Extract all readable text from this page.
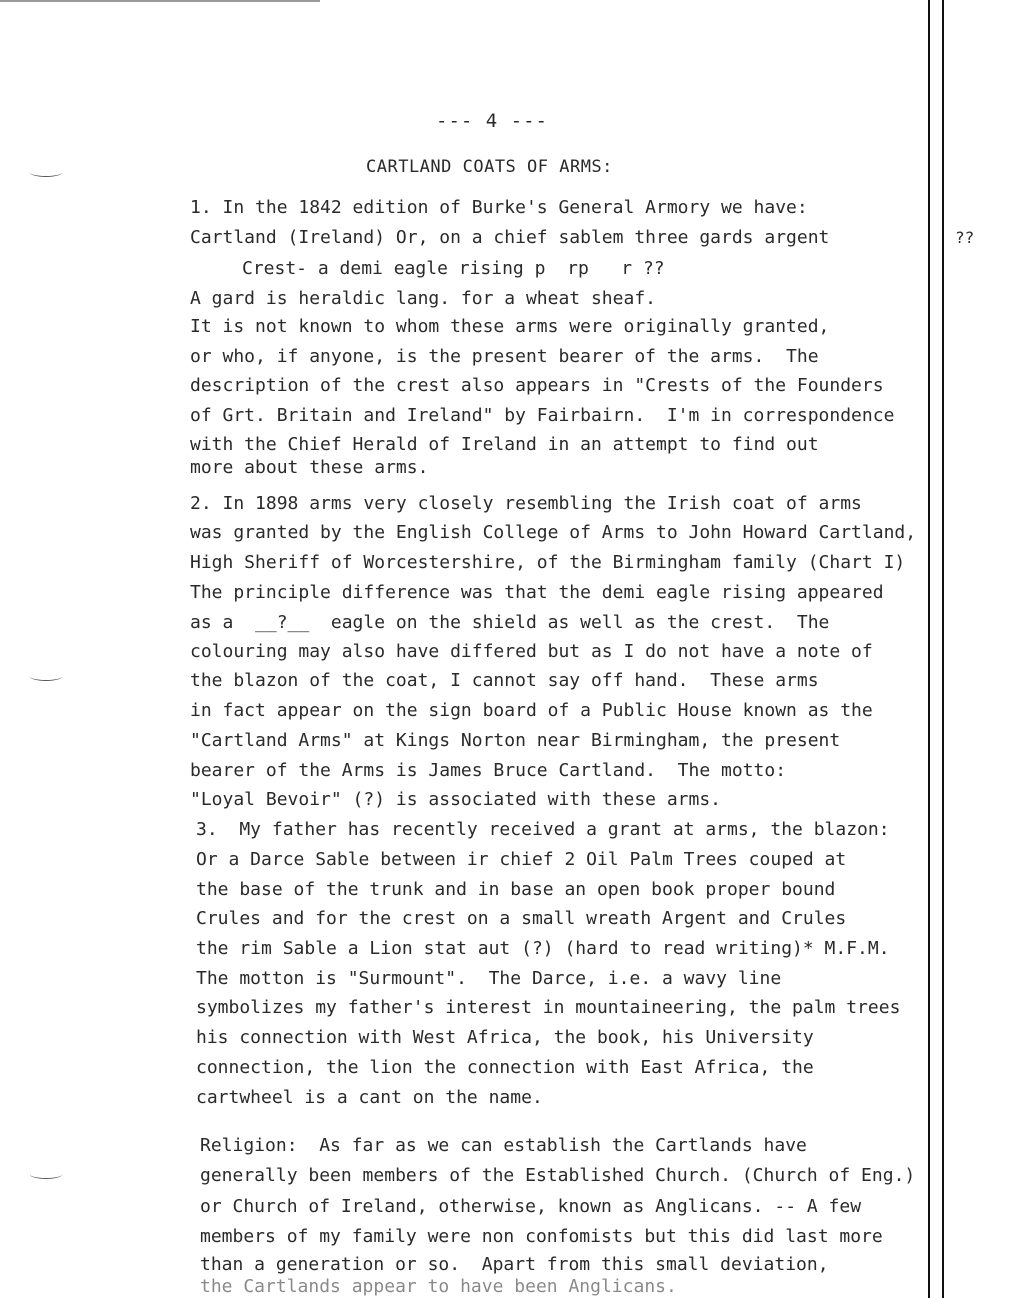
--- 4 ---
CARTLAND COATS OF ARMS:
1. In the 1842 edition of Burke's General Armory we have:
Cartland (Ireland) Or, on a chief sablem three gards argent	??
Crest- a demi eagle rising p  rp   r ??
A gard is heraldic lang. for a wheat sheaf.
It is not known to whom these arms were originally granted,
or who, if anyone, is the present bearer of the arms.  The
description of the crest also appears in "Crests of the Founders
of Grt. Britain and Ireland" by Fairbairn.  I'm in correspondence
with the Chief Herald of Ireland in an attempt to find out
more about these arms.
2. In 1898 arms very closely resembling the Irish coat of arms
was granted by the English College of Arms to John Howard Cartland,
High Sheriff of Worcestershire, of the Birmingham family (Chart I)
The principle difference was that the demi eagle rising appeared
as a  __?__  eagle on the shield as well as the crest.  The
colouring may also have differed but as I do not have a note of
the blazon of the coat, I cannot say off hand.  These arms
in fact appear on the sign board of a Public House known as the
"Cartland Arms" at Kings Norton near Birmingham, the present
bearer of the Arms is James Bruce Cartland.  The motto:
"Loyal Bevoir" (?) is associated with these arms.
3.  My father has recently received a grant at arms, the blazon:
Or a Darce Sable between ir chief 2 Oil Palm Trees couped at
the base of the trunk and in base an open book proper bound
Crules and for the crest on a small wreath Argent and Crules
the rim Sable a Lion stat aut (?) (hard to read writing)* M.F.M.
The motton is "Surmount".  The Darce, i.e. a wavy line
symbolizes my father's interest in mountaineering, the palm trees
his connection with West Africa, the book, his University
connection, the lion the connection with East Africa, the
cartwheel is a cant on the name.
Religion:  As far as we can establish the Cartlands have
generally been members of the Established Church. (Church of Eng.)
or Church of Ireland, otherwise, known as Anglicans. -- A few
members of my family were non confomists but this did last more
than a generation or so.  Apart from this small deviation,
the Cartlands appear to have been Anglicans.
